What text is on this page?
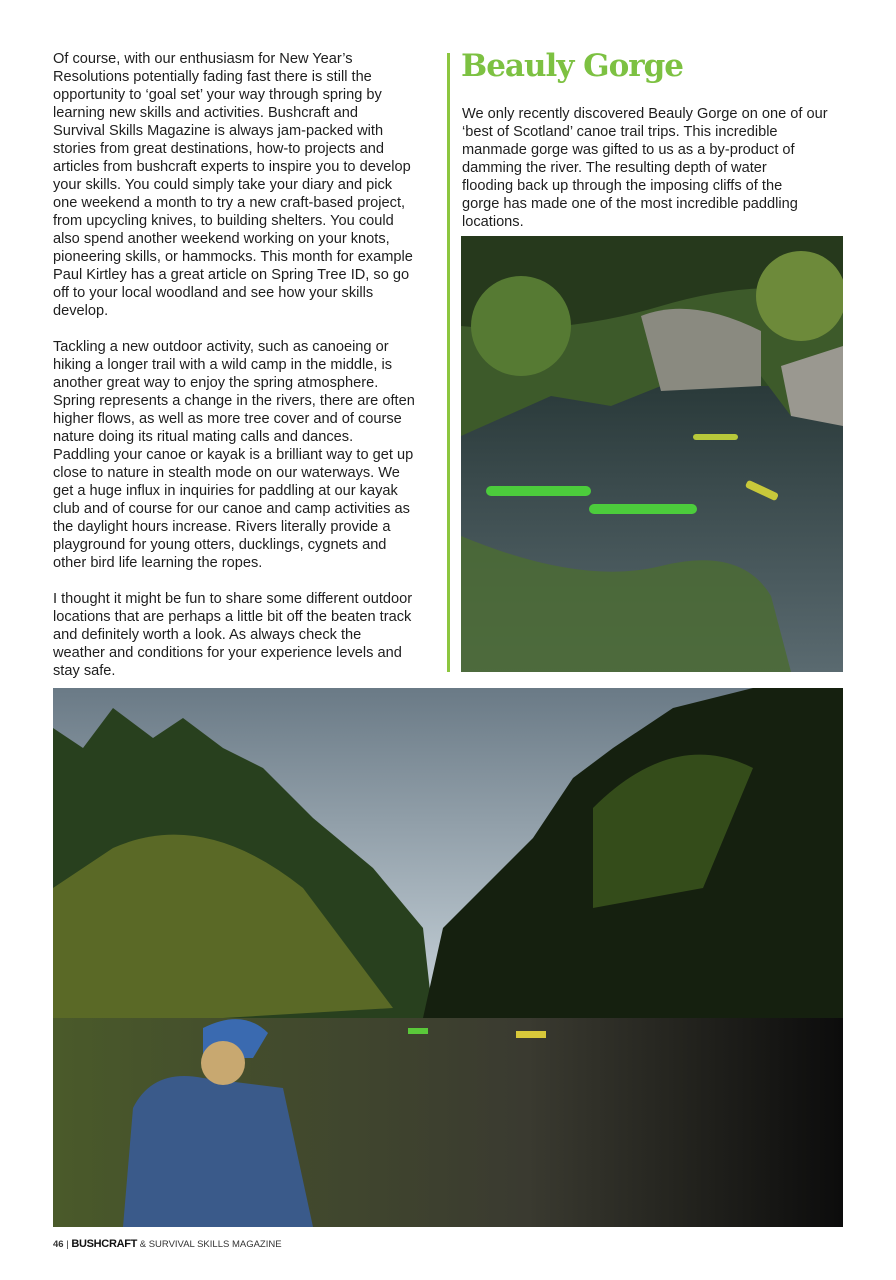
Of course, with our enthusiasm for New Year’s
Resolutions potentially fading fast there is still the
opportunity to ‘goal set’ your way through spring by
learning new skills and activities. Bushcraft and
Survival Skills Magazine is always jam-packed with
stories from great destinations, how-to projects and
articles from bushcraft experts to inspire you to develop
your skills. You could simply take your diary and pick
one weekend a month to try a new craft-based project,
from upcycling knives, to building shelters. You could
also spend another weekend working on your knots,
pioneering skills, or hammocks. This month for example
Paul Kirtley has a great article on Spring Tree ID, so go
off to your local woodland and see how your skills
develop.
Tackling a new outdoor activity, such as canoeing or
hiking a longer trail with a wild camp in the middle, is
another great way to enjoy the spring atmosphere.
Spring represents a change in the rivers, there are often
higher flows, as well as more tree cover and of course
nature doing its ritual mating calls and dances.
Paddling your canoe or kayak is a brilliant way to get up
close to nature in stealth mode on our waterways. We
get a huge influx in inquiries for paddling at our kayak
club and of course for our canoe and camp activities as
the daylight hours increase. Rivers literally provide a
playground for young otters, ducklings, cygnets and
other bird life learning the ropes.
I thought it might be fun to share some different outdoor
locations that are perhaps a little bit off the beaten track
and definitely worth a look. As always check the
weather and conditions for your experience levels and
stay safe.
Beauly Gorge
We only recently discovered Beauly Gorge on one of our
‘best of Scotland’ canoe trail trips. This incredible
manmade gorge was gifted to us as a by-product of
damming the river. The resulting depth of water
flooding back up through the imposing cliffs of the
gorge has made one of the most incredible paddling
locations.
46 | BUSHCRAFT & SURVIVAL SKILLS MAGAZINE
